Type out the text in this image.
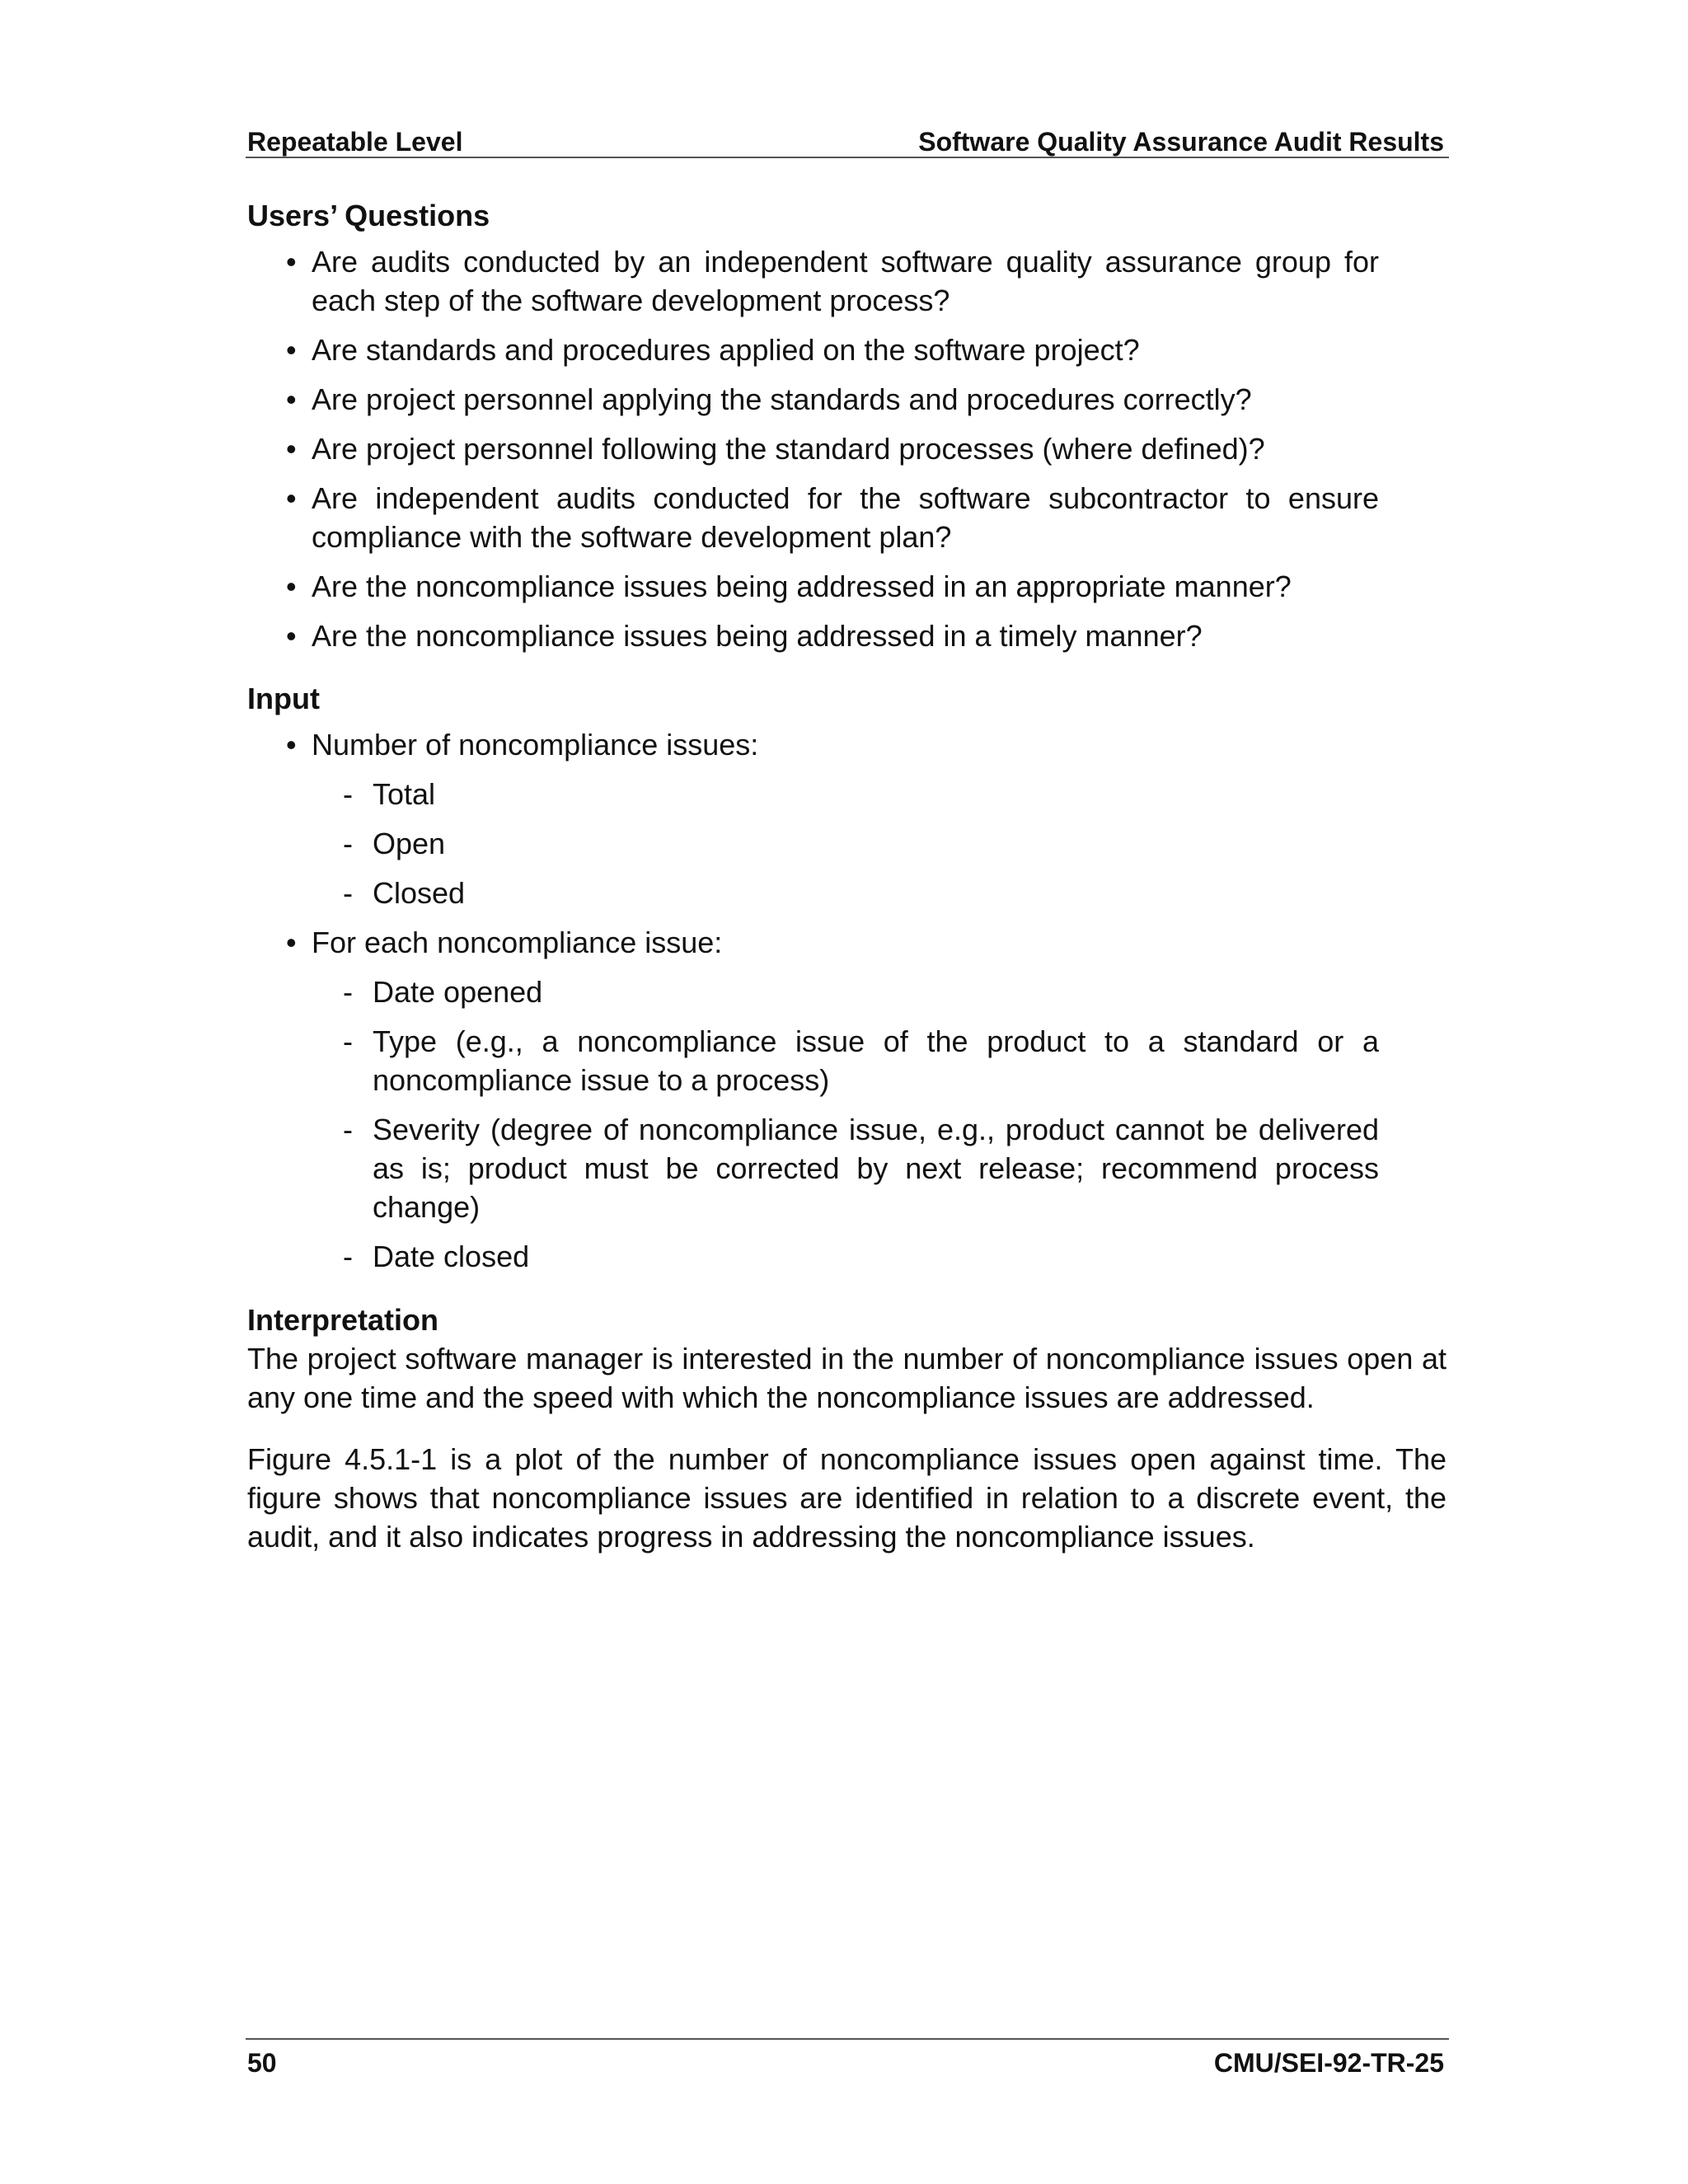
Repeatable Level	Software Quality Assurance Audit Results
Users’ Questions
• Are audits conducted by an independent software quality assurance group for each step of the software development process?
• Are standards and procedures applied on the software project?
• Are project personnel applying the standards and procedures correctly?
• Are project personnel following the standard processes (where defined)?
• Are independent audits conducted for the software subcontractor to ensure compliance with the software development plan?
• Are the noncompliance issues being addressed in an appropriate manner?
• Are the noncompliance issues being addressed in a timely manner?
Input
• Number of noncompliance issues:
- Total
- Open
- Closed
• For each noncompliance issue:
- Date opened
- Type (e.g., a noncompliance issue of the product to a standard or a noncompliance issue to a process)
- Severity (degree of noncompliance issue, e.g., product cannot be delivered as is; product must be corrected by next release; recommend process change)
- Date closed
Interpretation

The project software manager is interested in the number of noncompliance issues open at any one time and the speed with which the noncompliance issues are addressed.

Figure 4.5.1-1 is a plot of the number of noncompliance issues open against time. The figure shows that noncompliance issues are identified in relation to a discrete event, the audit, and it also indicates progress in addressing the noncompliance issues.

50	CMU/SEI-92-TR-25
